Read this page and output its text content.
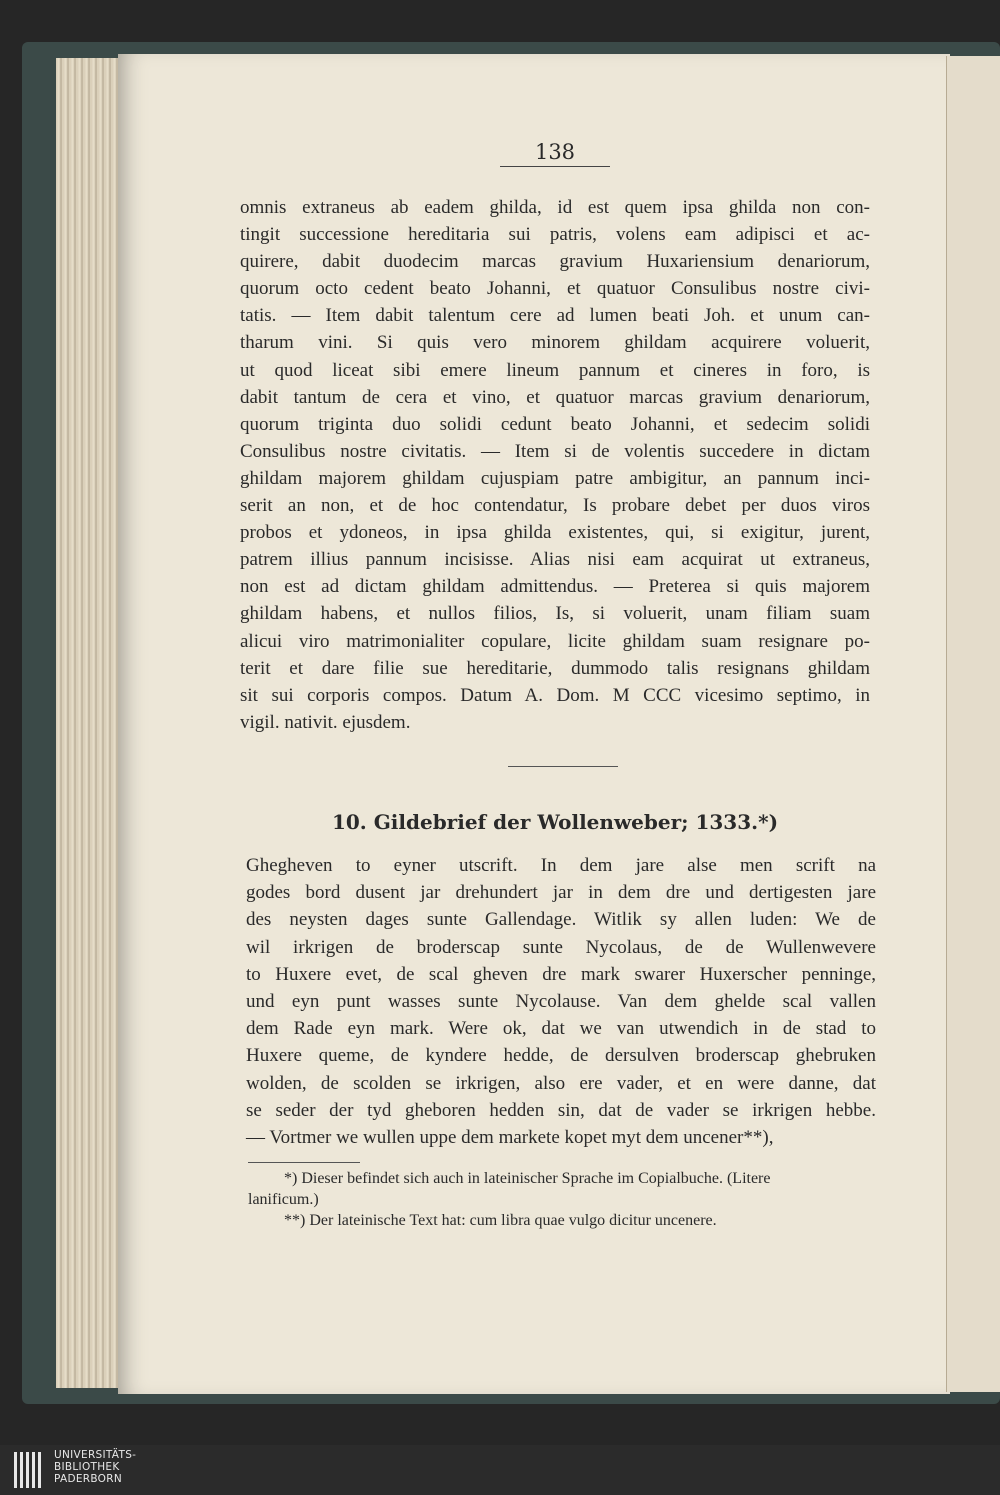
138
omnis extraneus ab eadem ghilda, id est quem ipsa ghilda non con-
tingit successione hereditaria sui patris, volens eam adipisci et ac-
quirere, dabit duodecim marcas gravium Huxariensium denariorum,
quorum octo cedent beato Johanni, et quatuor Consulibus nostre civi-
tatis. — Item dabit talentum cere ad lumen beati Joh. et unum can-
tharum vini. Si quis vero minorem ghildam acquirere voluerit,
ut quod liceat sibi emere lineum pannum et cineres in foro, is
dabit tantum de cera et vino, et quatuor marcas gravium denariorum,
quorum triginta duo solidi cedunt beato Johanni, et sedecim solidi
Consulibus nostre civitatis. — Item si de volentis succedere in dictam
ghildam majorem ghildam cujuspiam patre ambigitur, an pannum inci-
serit an non, et de hoc contendatur, Is probare debet per duos viros
probos et ydoneos, in ipsa ghilda existentes, qui, si exigitur, jurent,
patrem illius pannum incisisse. Alias nisi eam acquirat ut extraneus,
non est ad dictam ghildam admittendus. — Preterea si quis majorem
ghildam habens, et nullos filios, Is, si voluerit, unam filiam suam
alicui viro matrimonialiter copulare, licite ghildam suam resignare po-
terit et dare filie sue hereditarie, dummodo talis resignans ghildam
sit sui corporis compos. Datum A. Dom. M CCC vicesimo septimo, in
vigil. nativit. ejusdem.
10. Gildebrief der Wollenweber; 1333.*)
Ghegheven to eyner utscrift. In dem jare alse men scrift na
godes bord dusent jar drehundert jar in dem dre und dertigesten jare
des neysten dages sunte Gallendage. Witlik sy allen luden: We de
wil irkrigen de broderscap sunte Nycolaus, de de Wullenwevere
to Huxere evet, de scal gheven dre mark swarer Huxerscher penninge,
und eyn punt wasses sunte Nycolause. Van dem ghelde scal vallen
dem Rade eyn mark. Were ok, dat we van utwendich in de stad to
Huxere queme, de kyndere hedde, de dersulven broderscap ghebruken
wolden, de scolden se irkrigen, also ere vader, et en were danne, dat
se seder der tyd gheboren hedden sin, dat de vader se irkrigen hebbe.
— Vortmer we wullen uppe dem markete kopet myt dem uncener**),
*) Dieser befindet sich auch in lateinischer Sprache im Copialbuche. (Litere
lanificum.)
**) Der lateinische Text hat: cum libra quae vulgo dicitur uncenere.
UNIVERSITÄTS-
BIBLIOTHEK
PADERBORN
